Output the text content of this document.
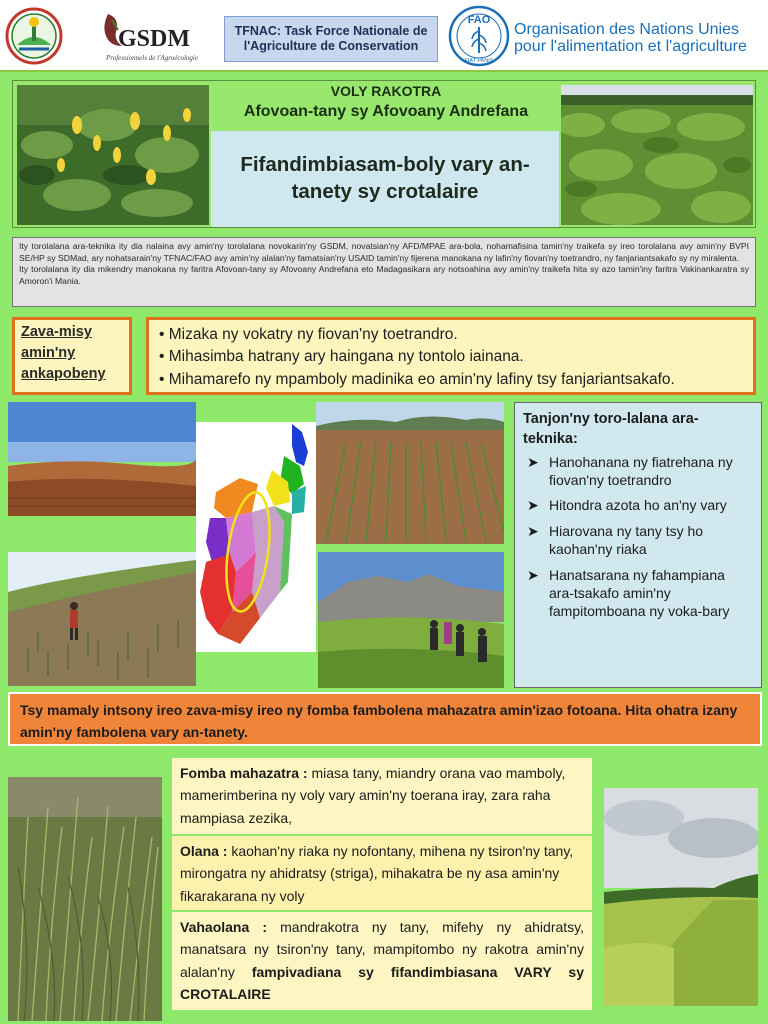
GSDM
Professionnels de l'Agroécologie
TFNAC: Task Force Nationale de l'Agriculture de Conservation
FAO
FIAT PANIS
Organisation des Nations Unies
pour l'alimentation et l'agriculture
VOLY RAKOTRA
Afovoan-tany sy Afovoany Andrefana
Fifandimbiasam-boly vary an-tanety sy crotalaire

Ity torolalana ara-teknika ity dia nalaina avy amin'ny torolalana novokarin'ny GSDM, novatsian'ny AFD/MPAE ara-bola, nohamafisina tamin'ny traikefa sy ireo torolalana avy amin'ny BVPI SE/HP sy SDMad, ary nohatsarain'ny TFNAC/FAO avy amin'ny alalan'ny famatsian'ny USAID tamin'ny fijerena manokana ny lafin'ny fiovan'ny toetrandro, ny fanjariantsakafo sy ny miralenta.

Ity torolalana ity dia mikendry manokana ny faritra Afovoan-tany sy Afovoany Andrefana eto Madagasikara ary notsoahina avy amin'ny traikefa hita sy azo tamin'iny faritra Vakinankaratra sy Amoron'i Mania.

Zava-misy amin'ny ankapobeny
• Mizaka ny vokatry ny fiovan'ny toetrandro.
• Mihasimba hatrany ary haingana ny tontolo iainana.
• Mihamarefo ny mpamboly madinika eo amin'ny lafiny tsy fanjariantsakafo.
Tanjon'ny toro-lalana ara-teknika:
➤ Hanohanana ny fiatrehana ny fiovan'ny toetrandro
➤ Hitondra azota ho an'ny vary
➤ Hiarovana ny tany tsy ho kaohan'ny riaka
➤ Hanatsarana ny fahampiana ara-tsakafo amin'ny fampitomboana ny voka-bary
Tsy mamaly intsony ireo zava-misy ireo ny fomba fambolena mahazatra amin'izao fotoana. Hita ohatra izany amin'ny fambolena vary an-tanety.
Fomba mahazatra : miasa tany, miandry orana vao mamboly, mamerimberina ny voly vary amin'ny toerana iray, zara raha mampiasa zezika,
Olana : kaohan'ny riaka ny nofontany, mihena ny tsiron'ny tany, mirongatra ny ahidratsy (striga), mihakatra be ny asa amin'ny fikarakarana ny voly
Vahaolana : mandrakotra ny tany, mifehy ny ahidratsy, manatsara ny tsiron'ny tany, mampitombo ny rakotra amin'ny alalan'ny fampivadiana sy fifandimbiasana VARY sy CROTALAIRE
